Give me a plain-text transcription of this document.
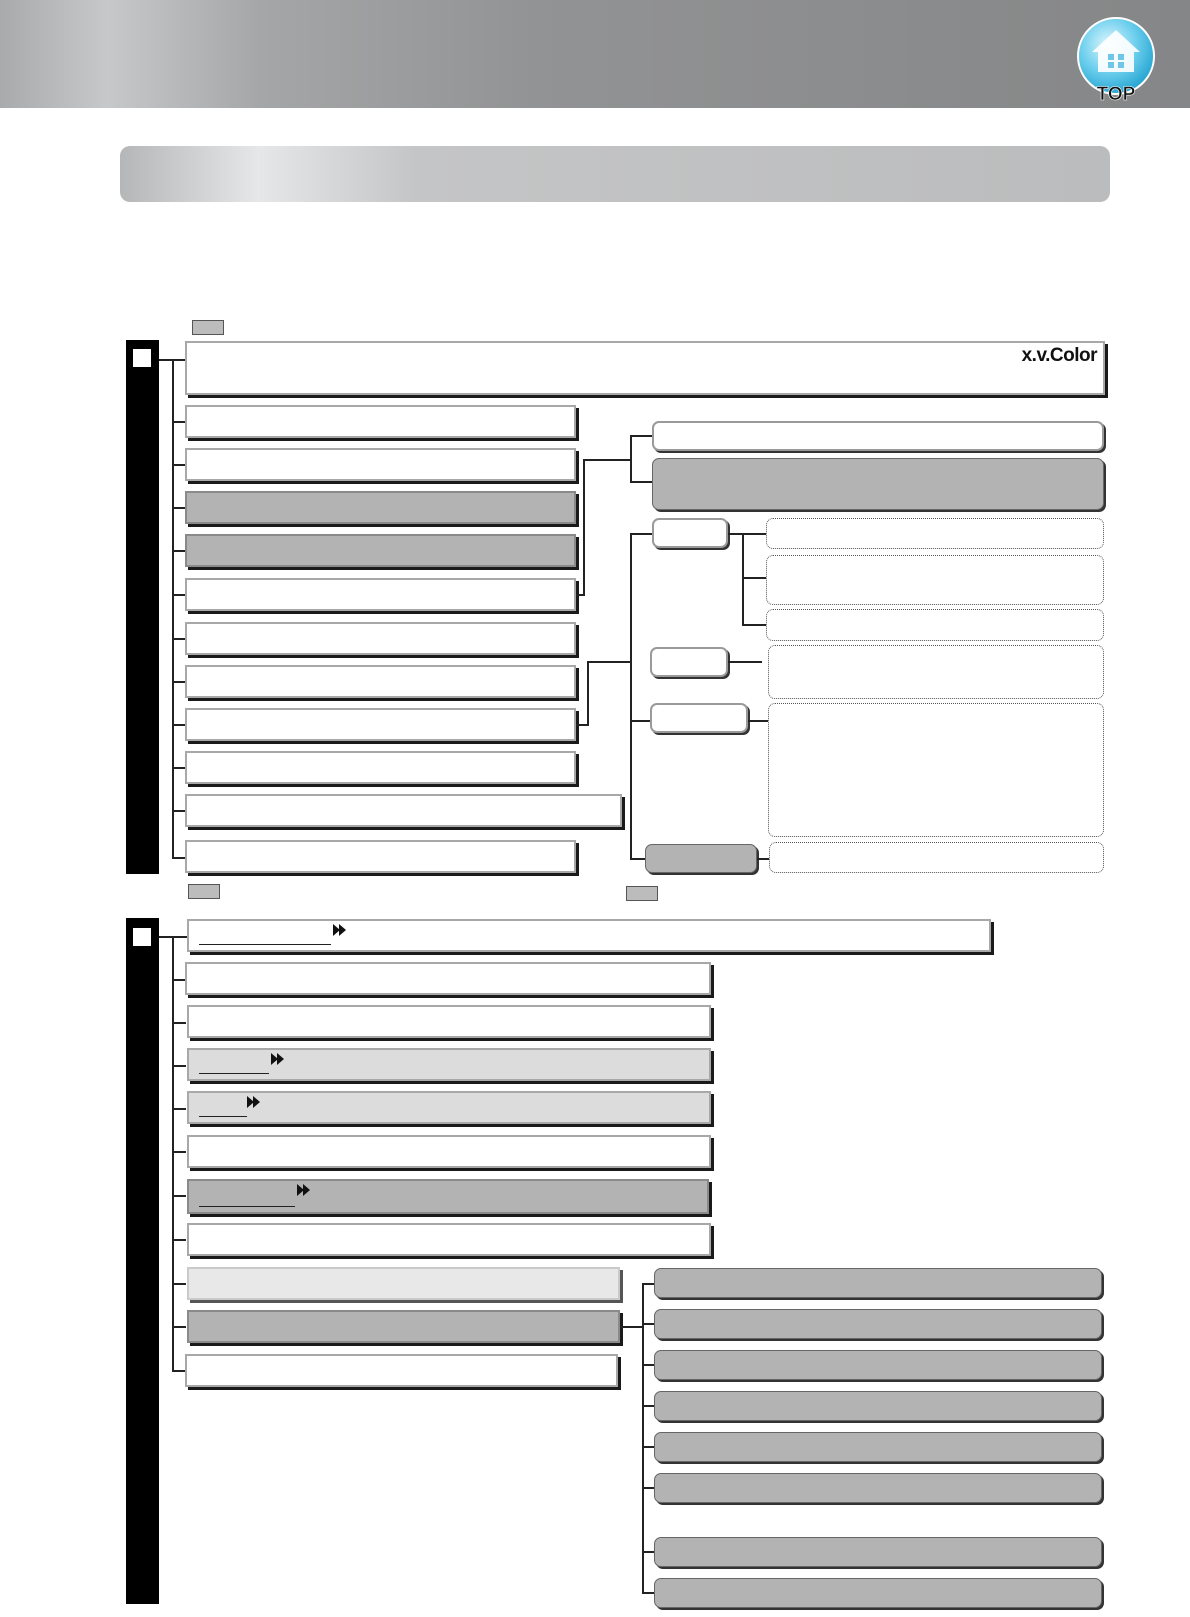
TOP
x.v.Color
